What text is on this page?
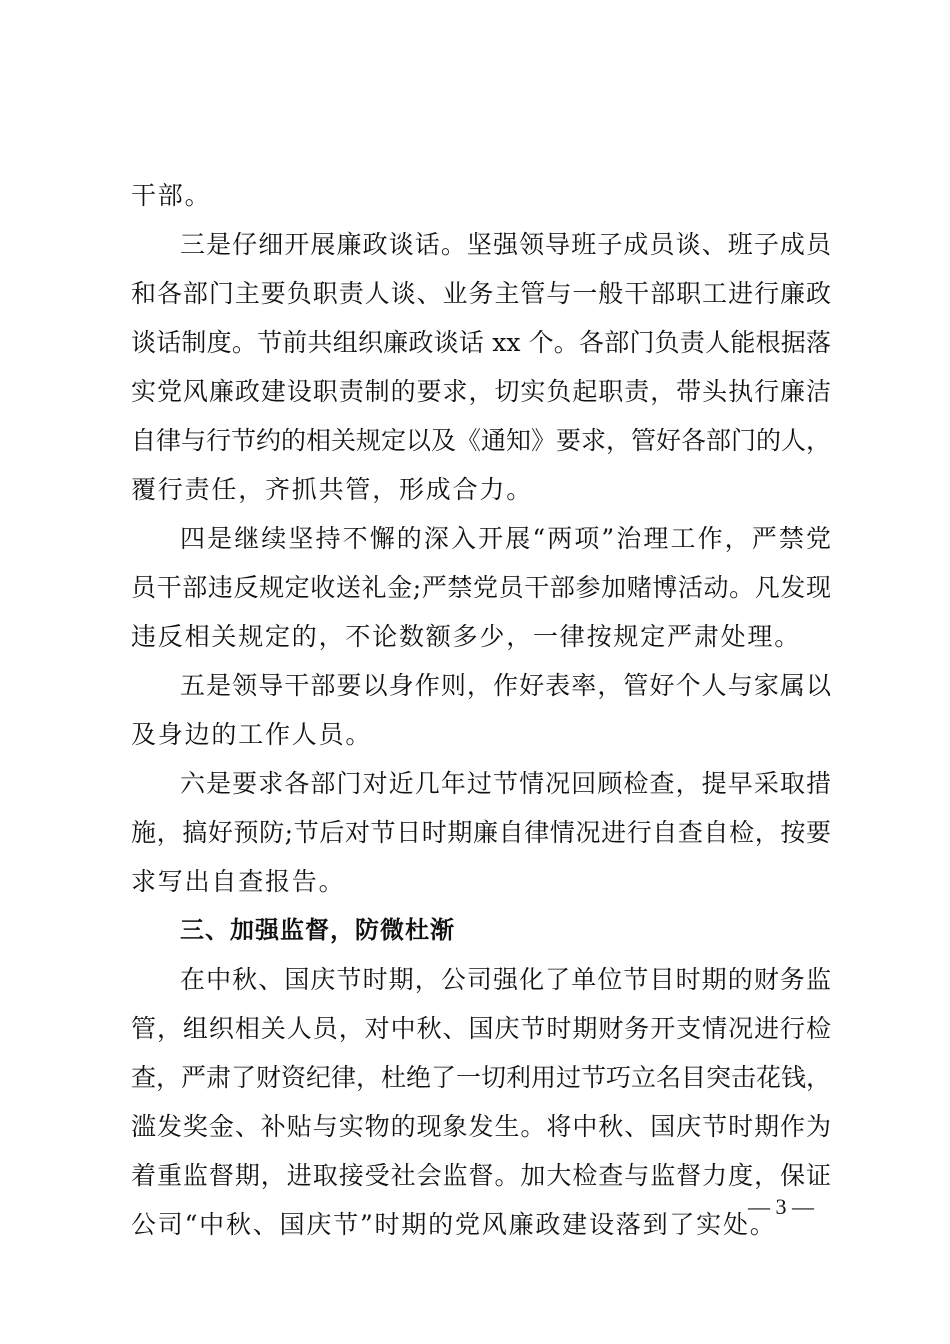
干部。
三是仔细开展廉政谈话。坚强领导班子成员谈、班子成员
和各部门主要负职责人谈、业务主管与一般干部职工进行廉政
谈话制度。节前共组织廉政谈话 xx 个。各部门负责人能根据落
实党风廉政建设职责制的要求，切实负起职责，带头执行廉洁
自律与行节约的相关规定以及《通知》要求，管好各部门的人，
覆行责任，齐抓共管，形成合力。
四是继续坚持不懈的深入开展“两项”治理工作，严禁党
员干部违反规定收送礼金;严禁党员干部参加赌博活动。凡发现
违反相关规定的，不论数额多少，一律按规定严肃处理。
五是领导干部要以身作则，作好表率，管好个人与家属以
及身边的工作人员。
六是要求各部门对近几年过节情况回顾检查，提早采取措
施，搞好预防;节后对节日时期廉自律情况进行自查自检，按要
求写出自查报告。
三、加强监督，防微杜渐
在中秋、国庆节时期，公司强化了单位节目时期的财务监
管，组织相关人员，对中秋、国庆节时期财务开支情况进行检
查，严肃了财资纪律，杜绝了一切利用过节巧立名目突击花钱，
滥发奖金、补贴与实物的现象发生。将中秋、国庆节时期作为
着重监督期，进取接受社会监督。加大检查与监督力度，保证
公司“中秋、国庆节”时期的党风廉政建设落到了实处。
— 3 —
